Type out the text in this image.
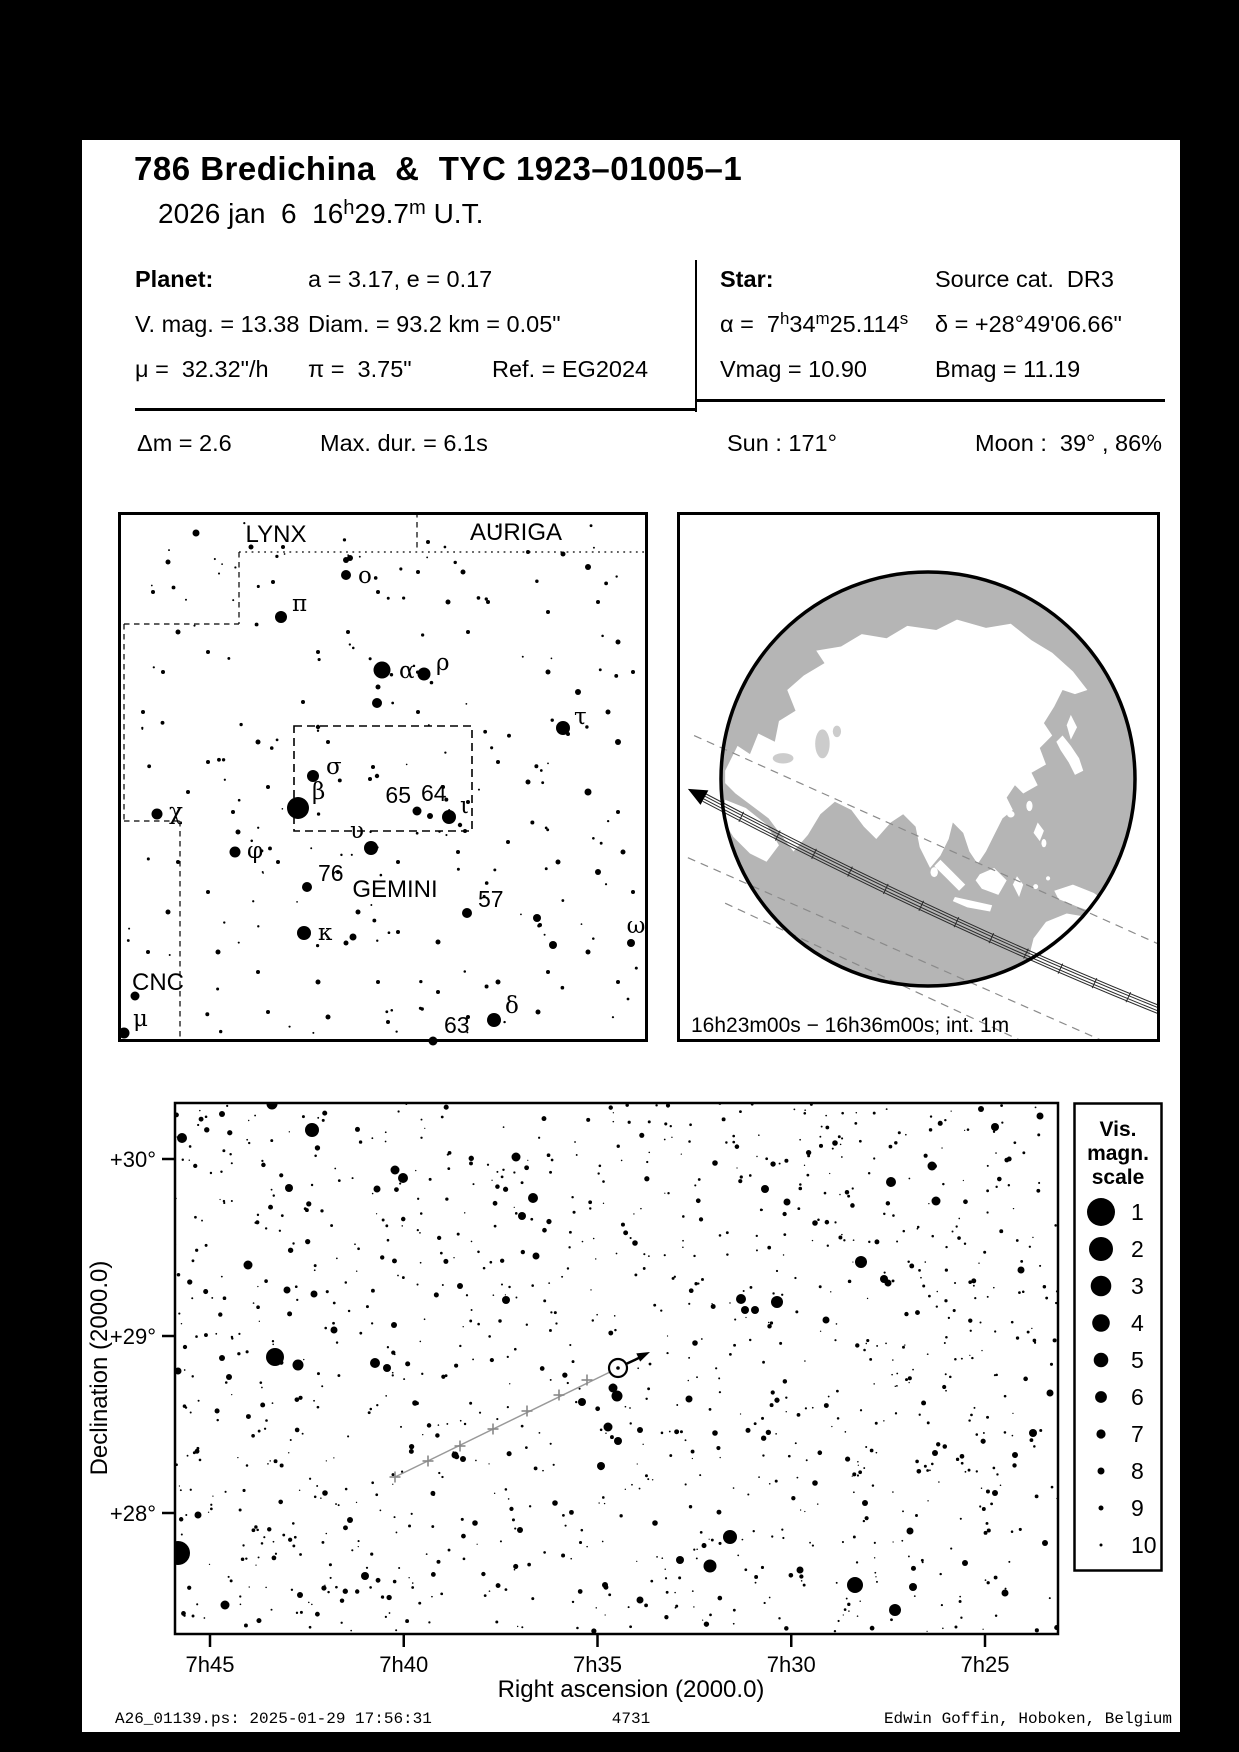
786 Bredichina  &  TYC 1923–01005–1
2026 jan  6  16$^h$29.7$^m$ U.T.
Planet:	a = 3.17, e = 0.17
V. mag. = 13.38 Diam. = 93.2 km = 0.05"
μ =  32.32"/h π =  3.75"	Ref. = EG2024
Star:	Source cat.  DR3
α =  7$^h$34$^m$25.114$^s$ δ = +28°49'06.66"
Vmag = 10.90	Bmag = 11.19
Δm = 2.6	Max. dur. = 6.1s	Sun : 171°	Moon :  39° , 86%
ο
π
α ρ
τ
σ
β
χ
65 64 ι
φ
υ
76
57
κ
μ	63
δ
ω
LYNX	AURIGA
GEMINI
CNC
16h23m00s − 16h36m00s; int. 1m
7h45	7h40	7h35	7h30	7h25
+30°
+29°
+28°
Vis.
magn.
scale
1
2
3
4
5
6
7
8
9
10
Declination (2000.0)
Right ascension (2000.0)
A26_01139.ps: 2025-01-29 17:56:31	4731	Edwin Goffin, Hoboken, Belgium
